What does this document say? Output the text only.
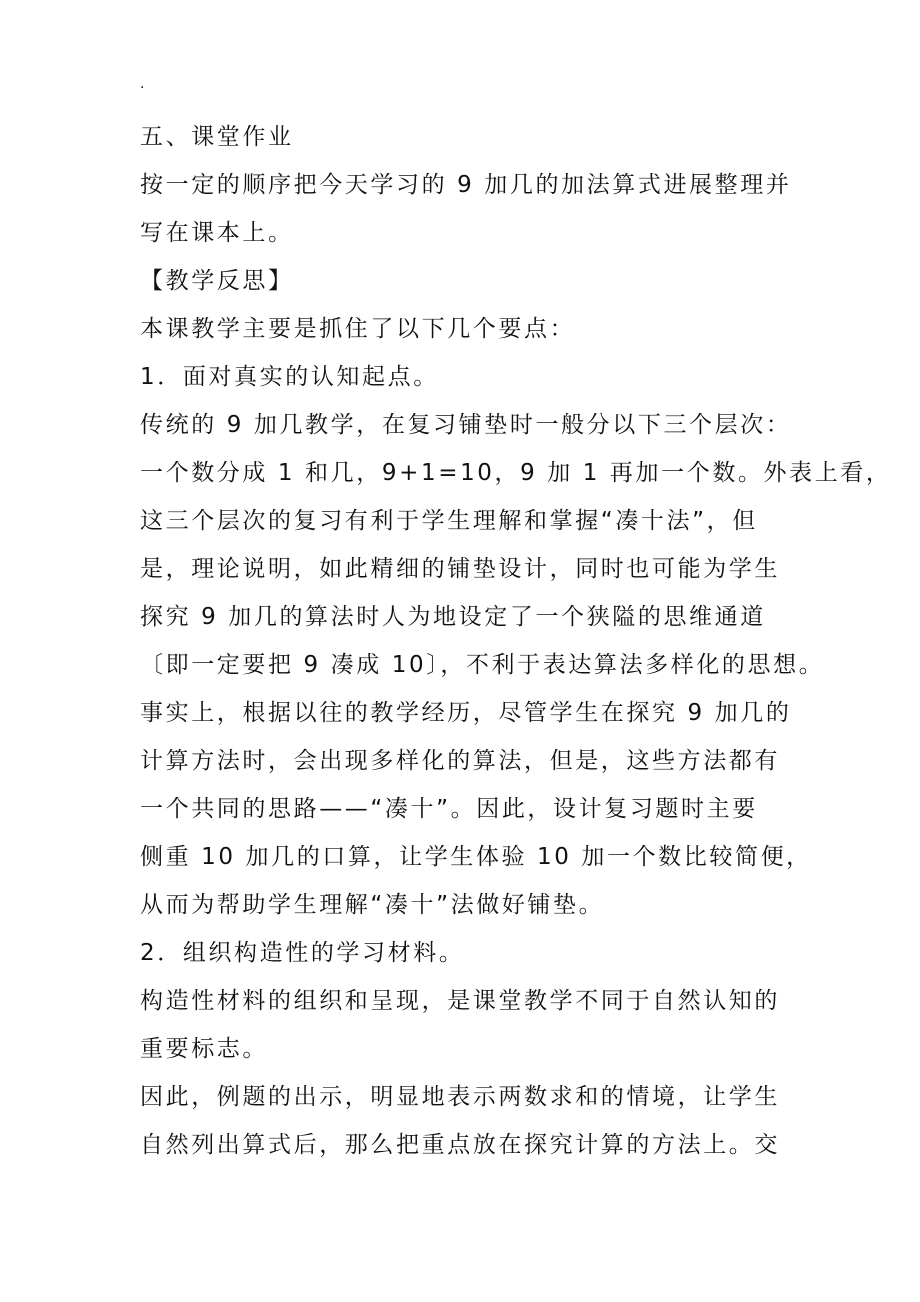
.
五、课堂作业
按一定的顺序把今天学习的 9 加几的加法算式进展整理并
写在课本上。
【教学反思】
本课教学主要是抓住了以下几个要点：
1．面对真实的认知起点。
传统的 9 加几教学，在复习铺垫时一般分以下三个层次：
一个数分成 1 和几，9+1=10，9 加 1 再加一个数。外表上看，
这三个层次的复习有利于学生理解和掌握“凑十法”，但
是，理论说明，如此精细的铺垫设计，同时也可能为学生
探究 9 加几的算法时人为地设定了一个狭隘的思维通道
〔即一定要把 9 凑成 10〕，不利于表达算法多样化的思想。
事实上，根据以往的教学经历，尽管学生在探究 9 加几的
计算方法时，会出现多样化的算法，但是，这些方法都有
一个共同的思路——“凑十”。因此，设计复习题时主要
侧重 10 加几的口算，让学生体验 10 加一个数比较简便，
从而为帮助学生理解“凑十”法做好铺垫。
2．组织构造性的学习材料。
构造性材料的组织和呈现，是课堂教学不同于自然认知的
重要标志。
因此，例题的出示，明显地表示两数求和的情境，让学生
自然列出算式后，那么把重点放在探究计算的方法上。交
